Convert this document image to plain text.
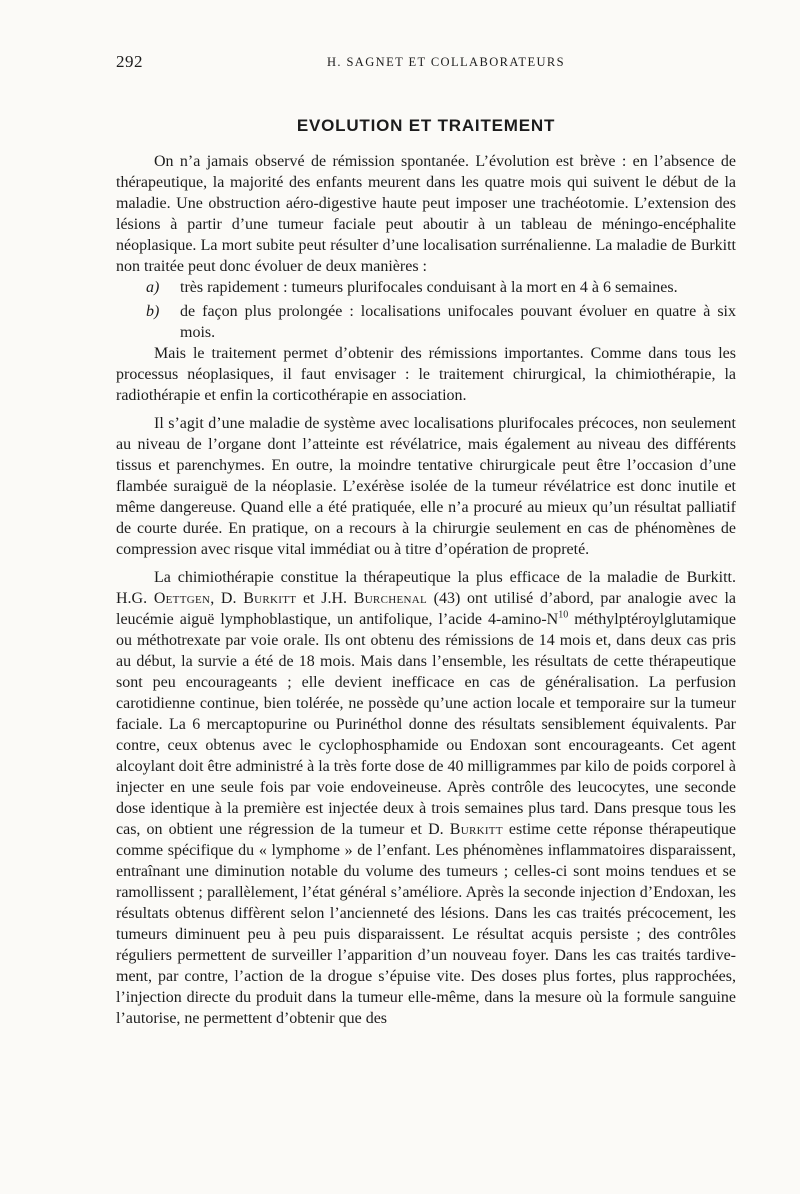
292	H. SAGNET ET COLLABORATEURS
EVOLUTION ET TRAITEMENT

On n’a jamais observé de rémission spontanée. L’évolution est brève : en l’absence de thérapeutique, la majorité des enfants meurent dans les quatre mois qui suivent le début de la maladie. Une obstruction aéro-digestive haute peut imposer une trachéotomie. L’extension des lésions à partir d’une tumeur faciale peut aboutir à un tableau de méningo-encéphalite néoplasique. La mort subite peut résulter d’une localisation surrénalienne. La maladie de Burkitt non traitée peut donc évoluer de deux manières :

a)	très rapidement : tumeurs plurifocales conduisant à la mort en 4 à 6 semaines.
b)	de façon plus prolongée : localisations unifocales pouvant évoluer en quatre à six mois.

Mais le traitement permet d’obtenir des rémissions importantes. Comme dans tous les processus néoplasiques, il faut envisager : le traitement chirurgical, la chimiothérapie, la radiothérapie et enfin la corticothérapie en association.

Il s’agit d’une maladie de système avec localisations plurifocales précoces, non seulement au niveau de l’organe dont l’atteinte est révélatrice, mais également au niveau des différents tissus et parenchymes. En outre, la moindre tentative chirurgicale peut être l’occasion d’une flambée suraiguë de la néoplasie. L’exérèse isolée de la tumeur révélatrice est donc inutile et même dangereuse. Quand elle a été pratiquée, elle n’a procuré au mieux qu’un résultat palliatif de courte durée. En pratique, on a recours à la chirurgie seulement en cas de phénomènes de compression avec risque vital immédiat ou à titre d’opération de propreté.

La chimiothérapie constitue la thérapeutique la plus efficace de la maladie de Burkitt. H.G. Oettgen, D. Burkitt et J.H. Burchenal (43) ont utilisé d’abord, par analogie avec la leucémie aiguë lymphoblastique, un antifolique, l’acide $4-amino-N^{10}$ méthylptéroylglutamique ou méthotrexate par voie orale. Ils ont obtenu des rémissions de 14 mois et, dans deux cas pris au début, la survie a été de 18 mois. Mais dans l’ensemble, les résultats de cette thérapeutique sont peu encourageants ; elle devient inefficace en cas de généralisation. La perfusion carotidienne continue, bien tolérée, ne possède qu’une action locale et temporaire sur la tumeur faciale. La 6 mercaptopurine ou Purinéthol donne des résultats sensiblement équivalents. Par contre, ceux obtenus avec le cyclophosphamide ou Endoxan sont encourageants. Cet agent alcoylant doit être administré à la très forte dose de 40 milligrammes par kilo de poids corporel à injecter en une seule fois par voie endoveineuse. Après contrôle des leucocytes, une seconde dose identique à la première est injectée deux à trois semaines plus tard. Dans presque tous les cas, on obtient une régression de la tumeur et D. Burkitt estime cette réponse thérapeutique comme spécifique du « lymphome » de l’enfant. Les phénomènes inflammatoires disparaissent, entraînant une diminution notable du volume des tumeurs ; celles-ci sont moins tendues et se ramollissent ; parallèlement, l’état général s’améliore. Après la seconde injection d’Endoxan, les résultats obtenus diffèrent selon l’ancienneté des lésions. Dans les cas traités précocement, les tumeurs diminuent peu à peu puis disparaissent. Le résultat acquis persiste ; des contrôles réguliers permettent de surveiller l’apparition d’un nouveau foyer. Dans les cas traités tardivement, par contre, l’action de la drogue s’épuise vite. Des doses plus fortes, plus rapprochées, l’injection directe du produit dans la tumeur elle-même, dans la mesure où la formule sanguine l’autorise, ne permettent d’obtenir que des
